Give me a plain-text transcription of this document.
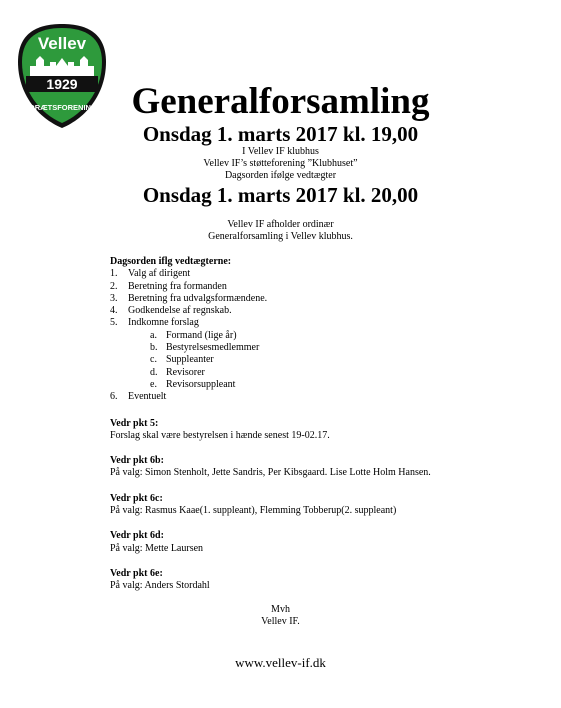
Vellev
1929
IDRÆTSFORENING Generalforsamling
Onsdag 1. marts 2017 kl. 19,00
I Vellev IF klubhus
Vellev IF’s støtteforening ”Klubhuset”
Dagsorden ifølge vedtægter
Onsdag 1. marts 2017 kl. 20,00
Vellev IF afholder ordinær
Generalforsamling i Vellev klubhus.
Dagsorden iflg vedtægterne:
1. Valg af dirigent
2. Beretning fra formanden
3. Beretning fra udvalgsformændene.
4. Godkendelse af regnskab.
5. Indkomne forslag
a. Formand (lige år)
b. Bestyrelsesmedlemmer
c. Suppleanter
d. Revisorer
e. Revisorsuppleant
6. Eventuelt
Vedr pkt 5:
Forslag skal være bestyrelsen i hænde senest 19-02.17.
Vedr pkt 6b:
På valg: Simon Stenholt, Jette Sandris, Per Kibsgaard. Lise Lotte Holm Hansen.
Vedr pkt 6c:
På valg: Rasmus Kaae(1. suppleant), Flemming Tobberup(2. suppleant)
Vedr pkt 6d:
På valg: Mette Laursen
Vedr pkt 6e:
På valg: Anders Stordahl
Mvh
Vellev IF.
www.vellev-if.dk
